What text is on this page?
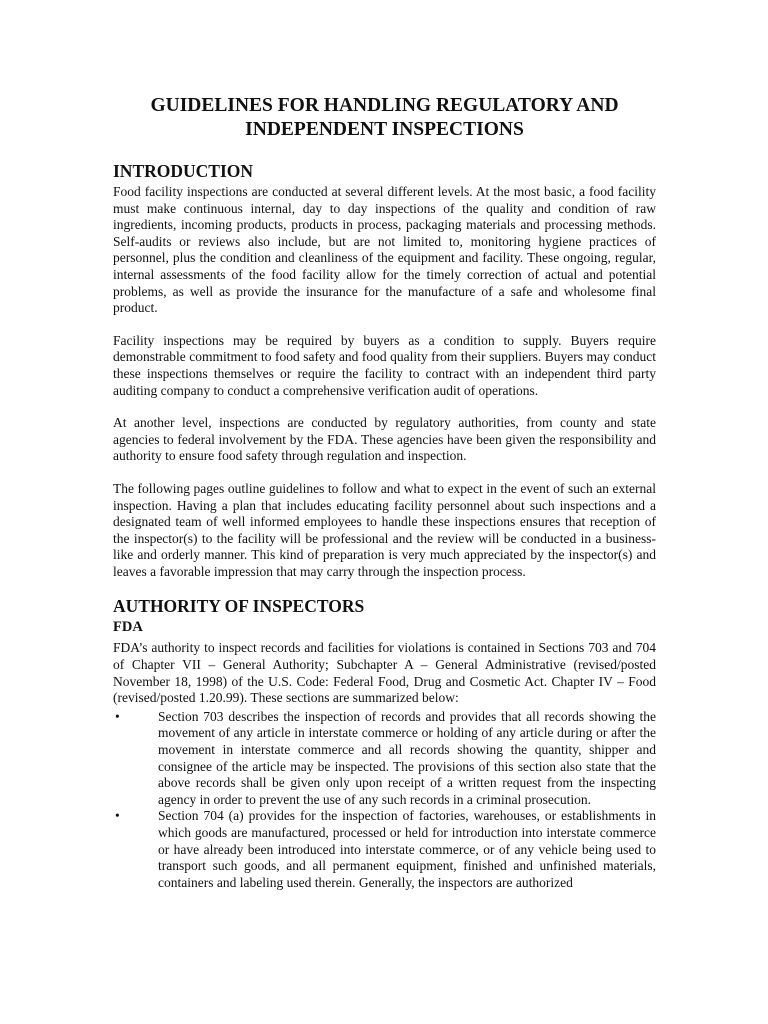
GUIDELINES FOR HANDLING REGULATORY AND
INDEPENDENT INSPECTIONS
INTRODUCTION

Food facility inspections are conducted at several different levels. At the most basic, a food facility must make continuous internal, day to day inspections of the quality and condition of raw ingredients, incoming products, products in process, packaging materials and processing methods. Self-audits or reviews also include, but are not limited to, monitoring hygiene practices of personnel, plus the condition and cleanliness of the equipment and facility. These ongoing, regular, internal assessments of the food facility allow for the timely correction of actual and potential problems, as well as provide the insurance for the manufacture of a safe and wholesome final product.

Facility inspections may be required by buyers as a condition to supply. Buyers require demonstrable commitment to food safety and food quality from their suppliers. Buyers may conduct these inspections themselves or require the facility to contract with an independent third party auditing company to conduct a comprehensive verification audit of operations.

At another level, inspections are conducted by regulatory authorities, from county and state agencies to federal involvement by the FDA. These agencies have been given the responsibility and authority to ensure food safety through regulation and inspection.

The following pages outline guidelines to follow and what to expect in the event of such an external inspection. Having a plan that includes educating facility personnel about such inspections and a designated team of well informed employees to handle these inspections ensures that reception of the inspector(s) to the facility will be professional and the review will be conducted in a business-like and orderly manner. This kind of preparation is very much appreciated by the inspector(s) and leaves a favorable impression that may carry through the inspection process.

AUTHORITY OF INSPECTORS
FDA

FDA’s authority to inspect records and facilities for violations is contained in Sections 703 and 704 of Chapter VII – General Authority; Subchapter A – General Administrative (revised/posted November 18, 1998) of the U.S. Code: Federal Food, Drug and Cosmetic Act. Chapter IV – Food (revised/posted 1.20.99). These sections are summarized below:

•	Section 703 describes the inspection of records and provides that all records showing the movement of any article in interstate commerce or holding of any article during or after the movement in interstate commerce and all records showing the quantity, shipper and consignee of the article may be inspected. The provisions of this section also state that the above records shall be given only upon receipt of a written request from the inspecting agency in order to prevent the use of any such records in a criminal prosecution.
•	Section 704 (a) provides for the inspection of factories, warehouses, or establishments in which goods are manufactured, processed or held for introduction into interstate commerce or have already been introduced into interstate commerce, or of any vehicle being used to transport such goods, and all permanent equipment, finished and unfinished materials, containers and labeling used therein. Generally, the inspectors are authorized
